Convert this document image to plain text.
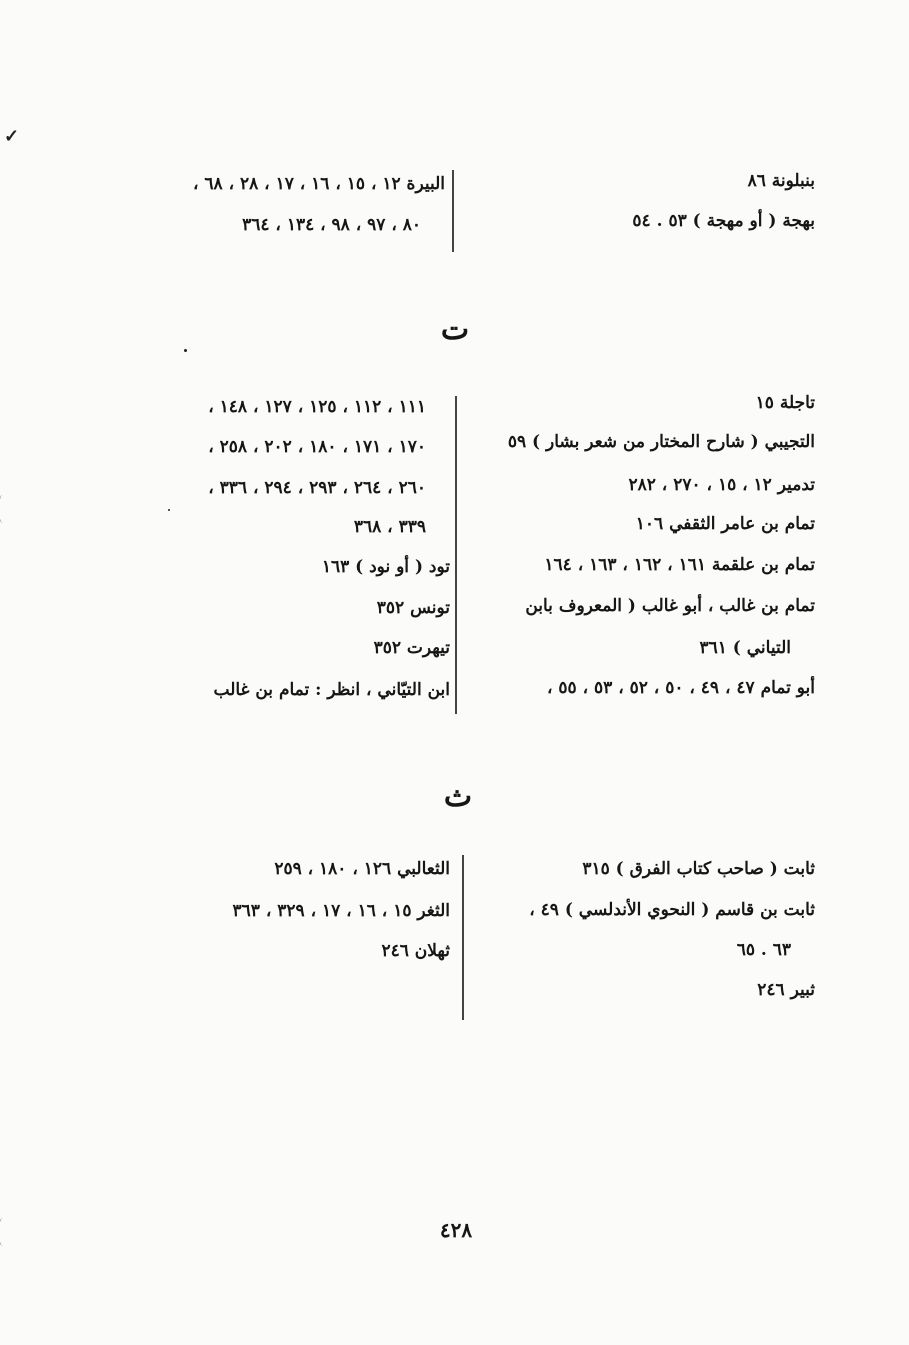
✓
بنبلونة ٨٦
بهجة ( أو مهجة ) ٥٣ . ٥٤
البيرة ١٢ ، ١٥ ، ١٦ ، ١٧ ، ٢٨ ، ٦٨ ،
٨٠ ، ٩٧ ، ٩٨ ، ١٣٤ ، ٣٦٤
ت
تاجلة ١٥
التجيبي ( شارح المختار من شعر بشار ) ٥٩
تدمير ١٢ ، ١٥ ، ٢٧٠ ، ٢٨٢
تمام بن عامر الثقفي ١٠٦
تمام بن علقمة ١٦١ ، ١٦٢ ، ١٦٣ ، ١٦٤
تمام بن غالب ، أبو غالب ( المعروف بابن
التياني ) ٣٦١
أبو تمام ٤٧ ، ٤٩ ، ٥٠ ، ٥٢ ، ٥٣ ، ٥٥ ،
١١١ ، ١١٢ ، ١٢٥ ، ١٢٧ ، ١٤٨ ،
١٧٠ ، ١٧١ ، ١٨٠ ، ٢٠٢ ، ٢٥٨ ،
٢٦٠ ، ٢٦٤ ، ٢٩٣ ، ٢٩٤ ، ٣٣٦ ،
٣٣٩ ، ٣٦٨
تود ( أو نود ) ١٦٣
تونس ٣٥٢
تيهرت ٣٥٢
ابن التيّاني ، انظر : تمام بن غالب
ث
ثابت ( صاحب كتاب الفرق ) ٣١٥
ثابت بن قاسم ( النحوي الأندلسي ) ٤٩ ،
٦٣ . ٦٥
ثبير ٢٤٦
الثعالبي ١٢٦ ، ١٨٠ ، ٢٥٩
الثغر ١٥ ، ١٦ ، ١٧ ، ٣٢٩ ، ٣٦٣
ثهلان ٢٤٦
٤٢٨
